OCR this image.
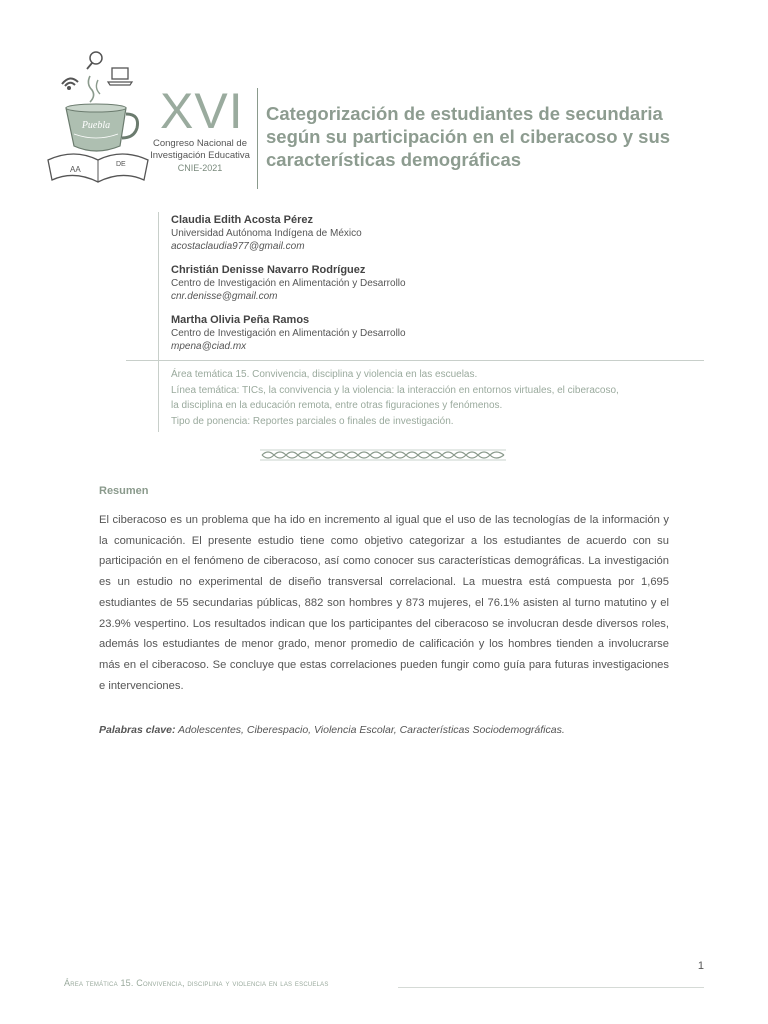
Puebla
AA
DE
XVI
Congreso Nacional de
Investigación Educativa
CNIE-2021
Categorización de estudiantes de secundaria según su participación en el ciberacoso y sus características demográficas
Claudia Edith Acosta Pérez
Universidad Autónoma Indígena de México
acostaclaudia977@gmail.com
Christián Denisse Navarro Rodríguez
Centro de Investigación en Alimentación y Desarrollo
cnr.denisse@gmail.com
Martha Olivia Peña Ramos
Centro de Investigación en Alimentación y Desarrollo
mpena@ciad.mx
Área temática 15. Convivencia, disciplina y violencia en las escuelas.
Línea temática: TICs, la convivencia y la violencia: la interacción en entornos virtuales, el ciberacoso,
la disciplina en la educación remota, entre otras figuraciones y fenómenos.
Tipo de ponencia: Reportes parciales o finales de investigación.
Resumen
El ciberacoso es un problema que ha ido en incremento al igual que el uso de las tecnologías de la información y la comunicación. El presente estudio tiene como objetivo categorizar a los estudiantes de acuerdo con su participación en el fenómeno de ciberacoso, así como conocer sus características demográficas. La investigación es un estudio no experimental de diseño transversal correlacional. La muestra está compuesta por 1,695 estudiantes de 55 secundarias públicas, 882 son hombres y 873 mujeres, el 76.1% asisten al turno matutino y el 23.9% vespertino. Los resultados indican que los participantes del ciberacoso se involucran desde diversos roles, además los estudiantes de menor grado, menor promedio de calificación y los hombres tienden a involucrarse más en el ciberacoso. Se concluye que estas correlaciones pueden fungir como guía para futuras investigaciones e intervenciones.
Palabras clave: Adolescentes, Ciberespacio, Violencia Escolar, Características Sociodemográficas.
1
Área temática 15. Convivencia, disciplina y violencia en las escuelas
